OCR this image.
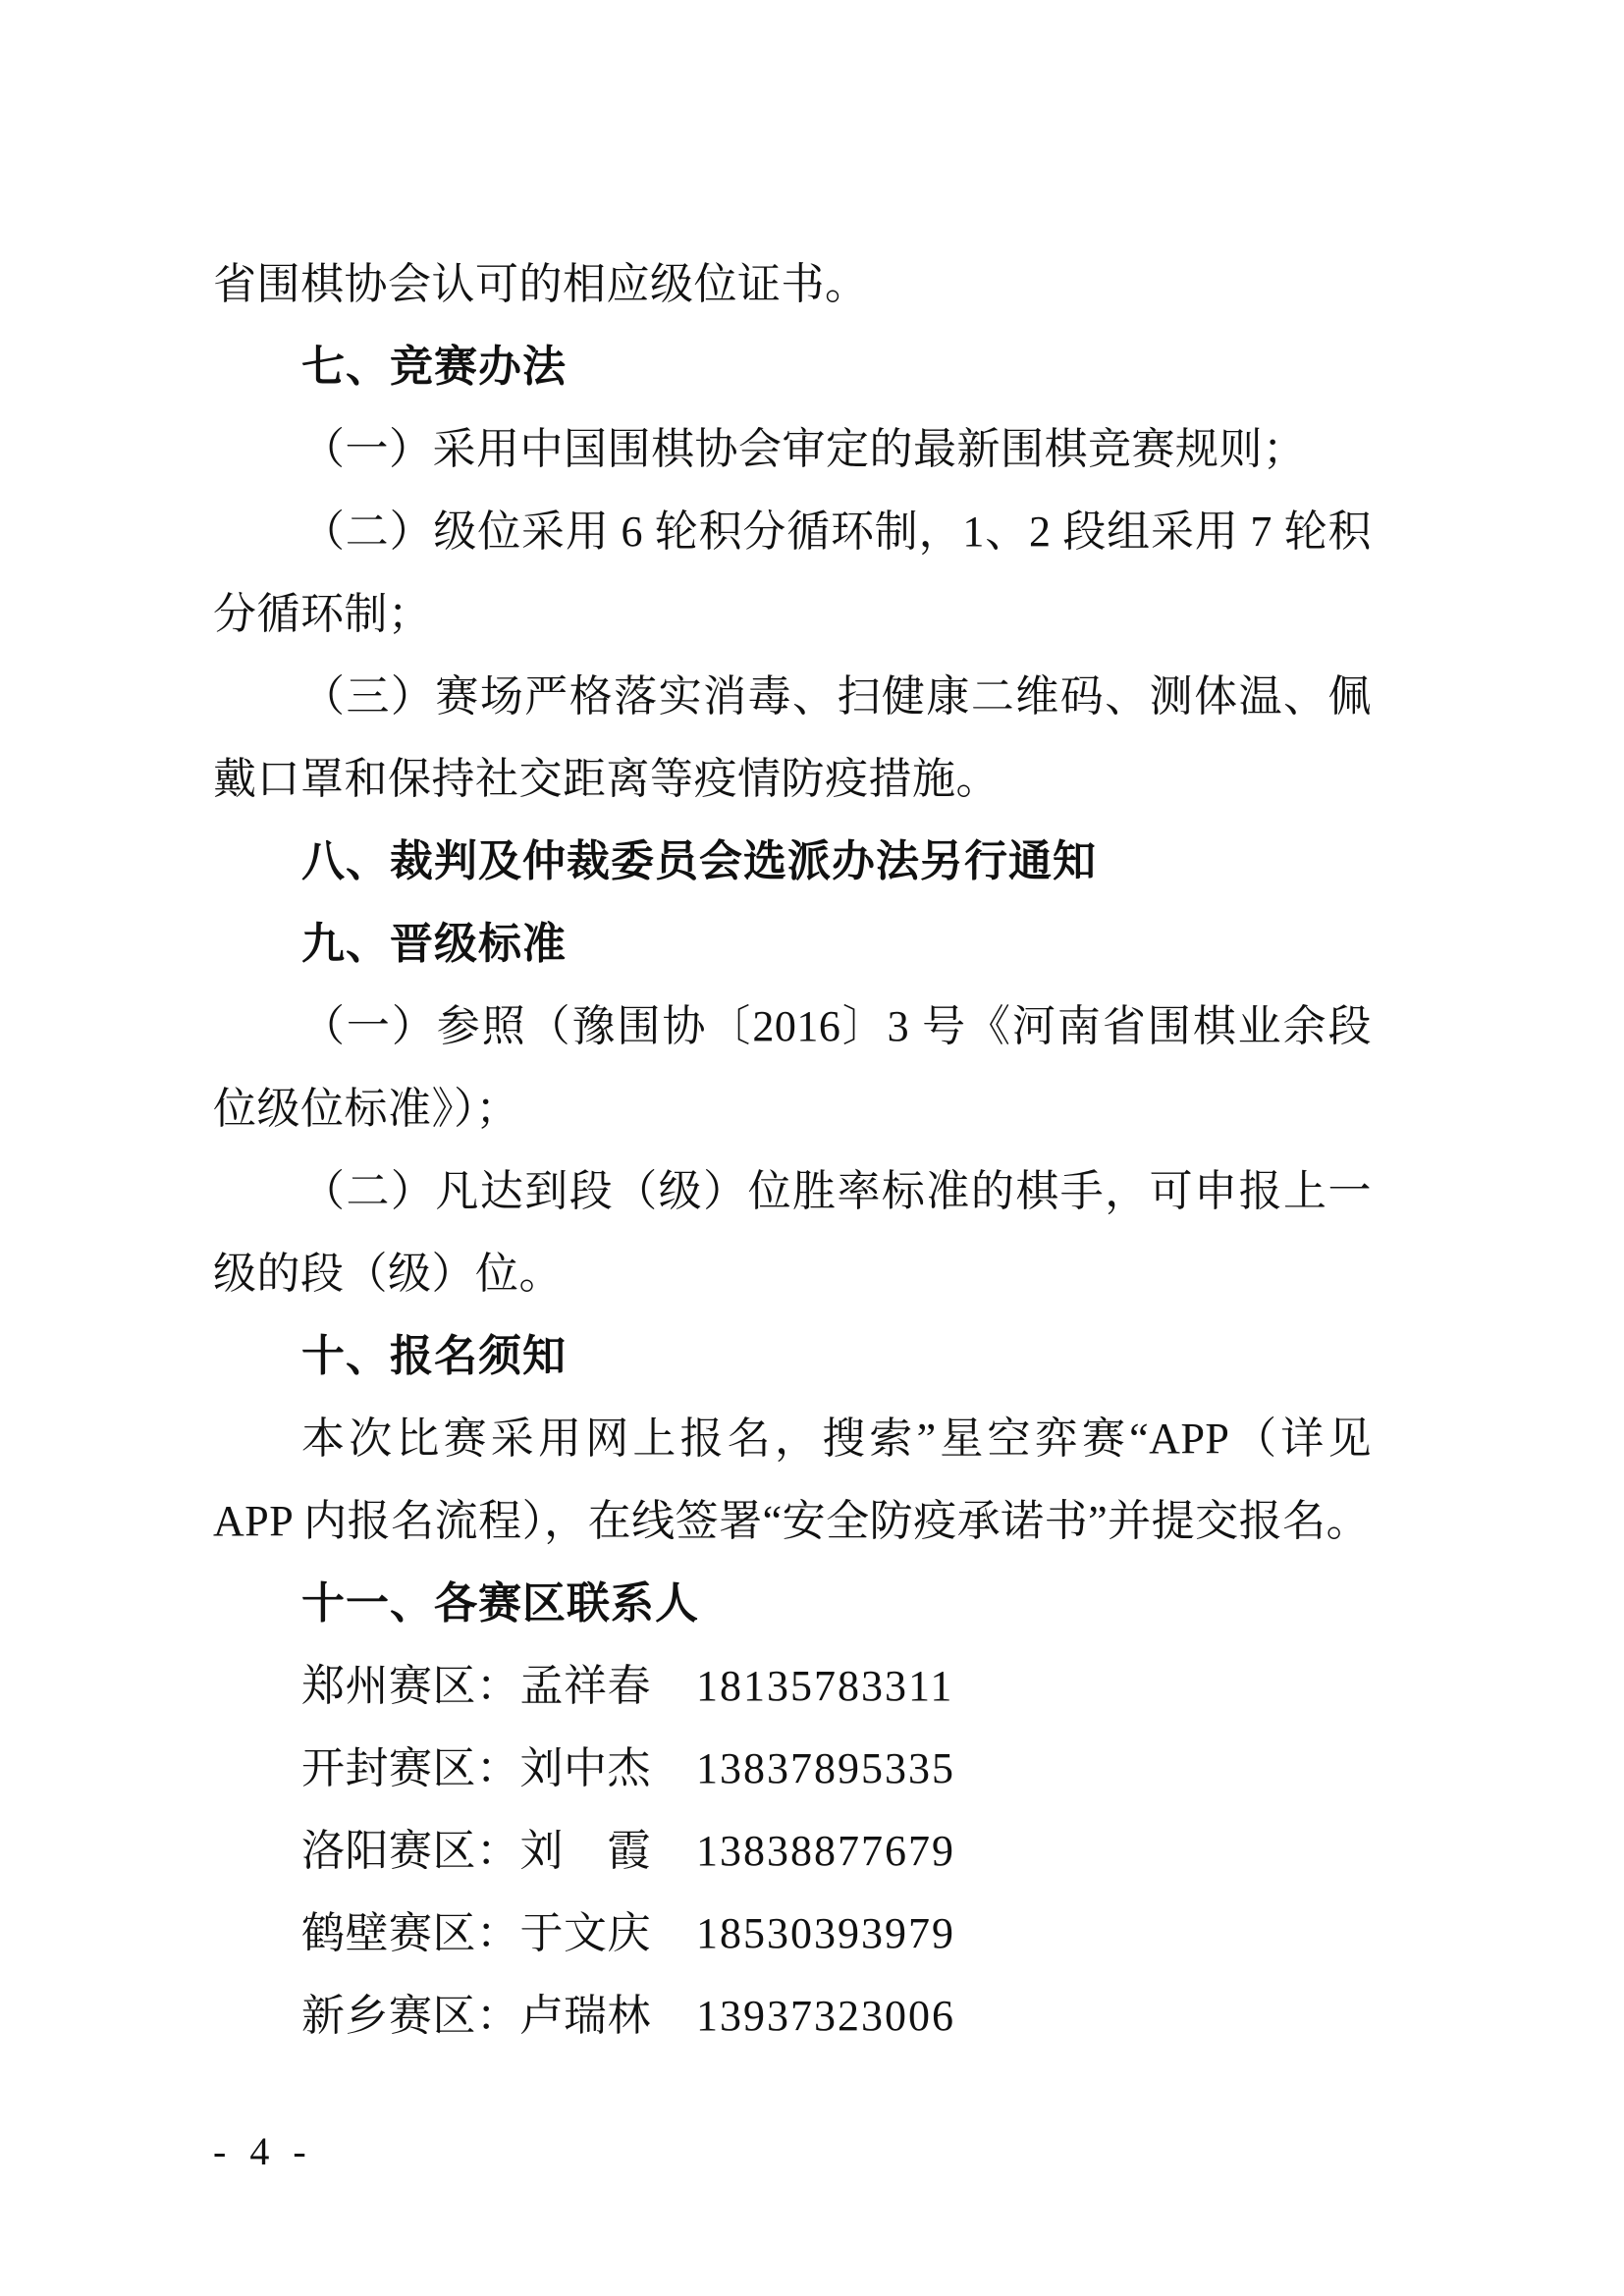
省围棋协会认可的相应级位证书。

七、竞赛办法

（一）采用中国围棋协会审定的最新围棋竞赛规则；

（二）级位采用 6 轮积分循环制，1、2 段组采用 7 轮积分循环制；

（三）赛场严格落实消毒、扫健康二维码、测体温、佩戴口罩和保持社交距离等疫情防疫措施。

八、裁判及仲裁委员会选派办法另行通知

九、晋级标准

（一）参照（豫围协〔2016〕3 号《河南省围棋业余段位级位标准》）；

（二）凡达到段（级）位胜率标准的棋手，可申报上一级的段（级）位。

十、报名须知

本次比赛采用网上报名，搜索”星空弈赛“APP（详见 APP 内报名流程），在线签署“安全防疫承诺书”并提交报名。

十一、各赛区联系人

郑州赛区：孟祥春	18135783311
开封赛区：刘中杰	13837895335
洛阳赛区：刘　霞	13838877679
鹤壁赛区：于文庆	18530393979
新乡赛区：卢瑞林	13937323006
- 4 -
